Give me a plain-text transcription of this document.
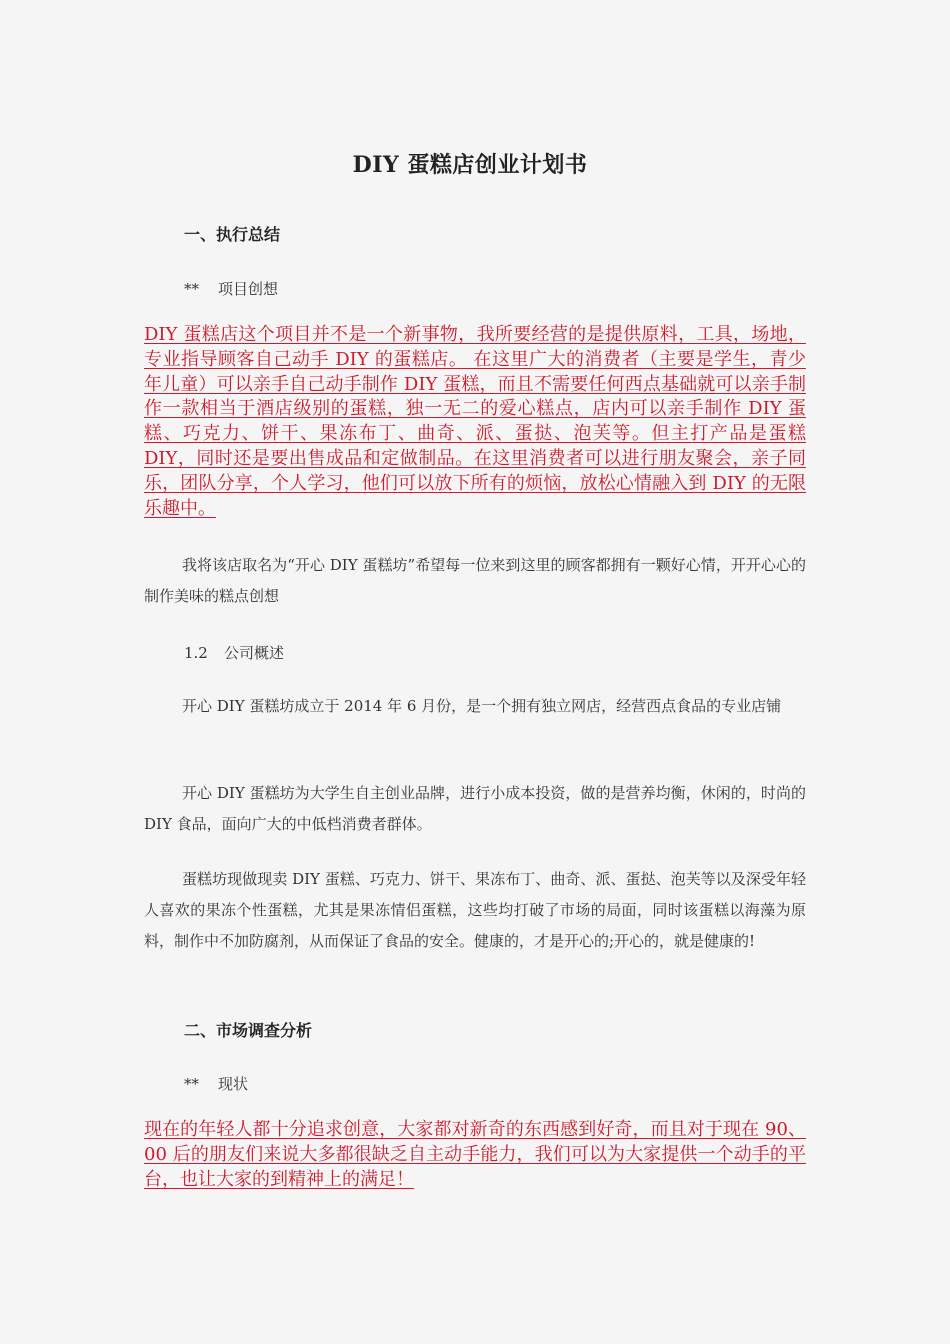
DIY 蛋糕店创业计划书
一、执行总结
** 项目创想

DIY 蛋糕店这个项目并不是一个新事物，我所要经营的是提供原料，工具，场地，专业指导顾客自己动手 DIY 的蛋糕店。 在这里广大的消费者（主要是学生，青少年儿童）可以亲手自己动手制作 DIY 蛋糕，而且不需要任何西点基础就可以亲手制作一款相当于酒店级别的蛋糕，独一无二的爱心糕点，店内可以亲手制作 DIY 蛋糕、巧克力、饼干、果冻布丁、曲奇、派、蛋挞、泡芙等。但主打产品是蛋糕 DIY，同时还是要出售成品和定做制品。在这里消费者可以进行朋友聚会，亲子同乐，团队分享，个人学习，他们可以放下所有的烦恼，放松心情融入到 DIY 的无限乐趣中。

我将该店取名为“开心 DIY 蛋糕坊”希望每一位来到这里的顾客都拥有一颗好心情，开开心心的制作美味的糕点创想

1.2 公司概述

开心 DIY 蛋糕坊成立于 2014 年 6 月份，是一个拥有独立网店，经营西点食品的专业店铺

开心 DIY 蛋糕坊为大学生自主创业品牌，进行小成本投资，做的是营养均衡，休闲的，时尚的 DIY 食品，面向广大的中低档消费者群体。

蛋糕坊现做现卖 DIY 蛋糕、巧克力、饼干、果冻布丁、曲奇、派、蛋挞、泡芙等以及深受年轻人喜欢的果冻个性蛋糕，尤其是果冻情侣蛋糕，这些均打破了市场的局面，同时该蛋糕以海藻为原料，制作中不加防腐剂，从而保证了食品的安全。健康的，才是开心的;开心的，就是健康的!

二、市场调查分析
** 现状

现在的年轻人都十分追求创意，大家都对新奇的东西感到好奇，而且对于现在 90、00 后的朋友们来说大多都很缺乏自主动手能力，我们可以为大家提供一个动手的平台，也让大家的到精神上的满足！
